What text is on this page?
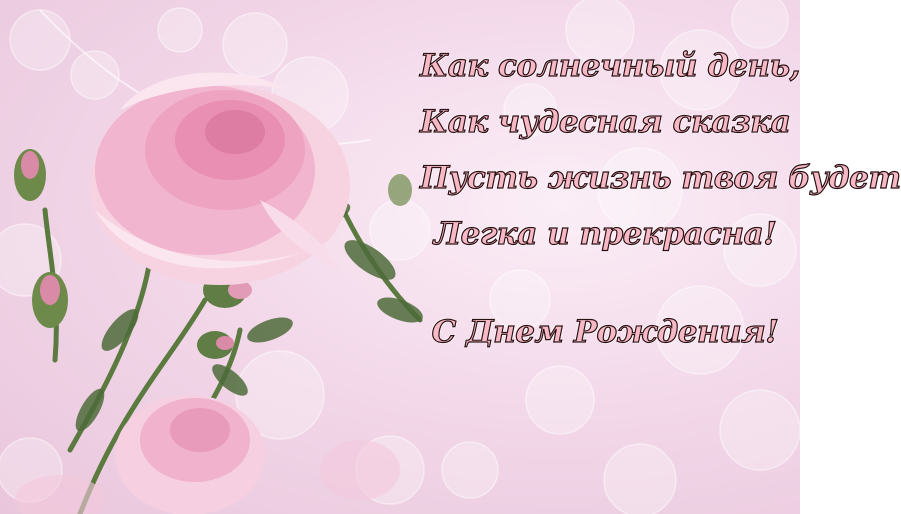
Как солнечный день,
Как чудесная сказка
Пусть жизнь твоя будет
Легка и прекрасна!
С Днем Рождения!
